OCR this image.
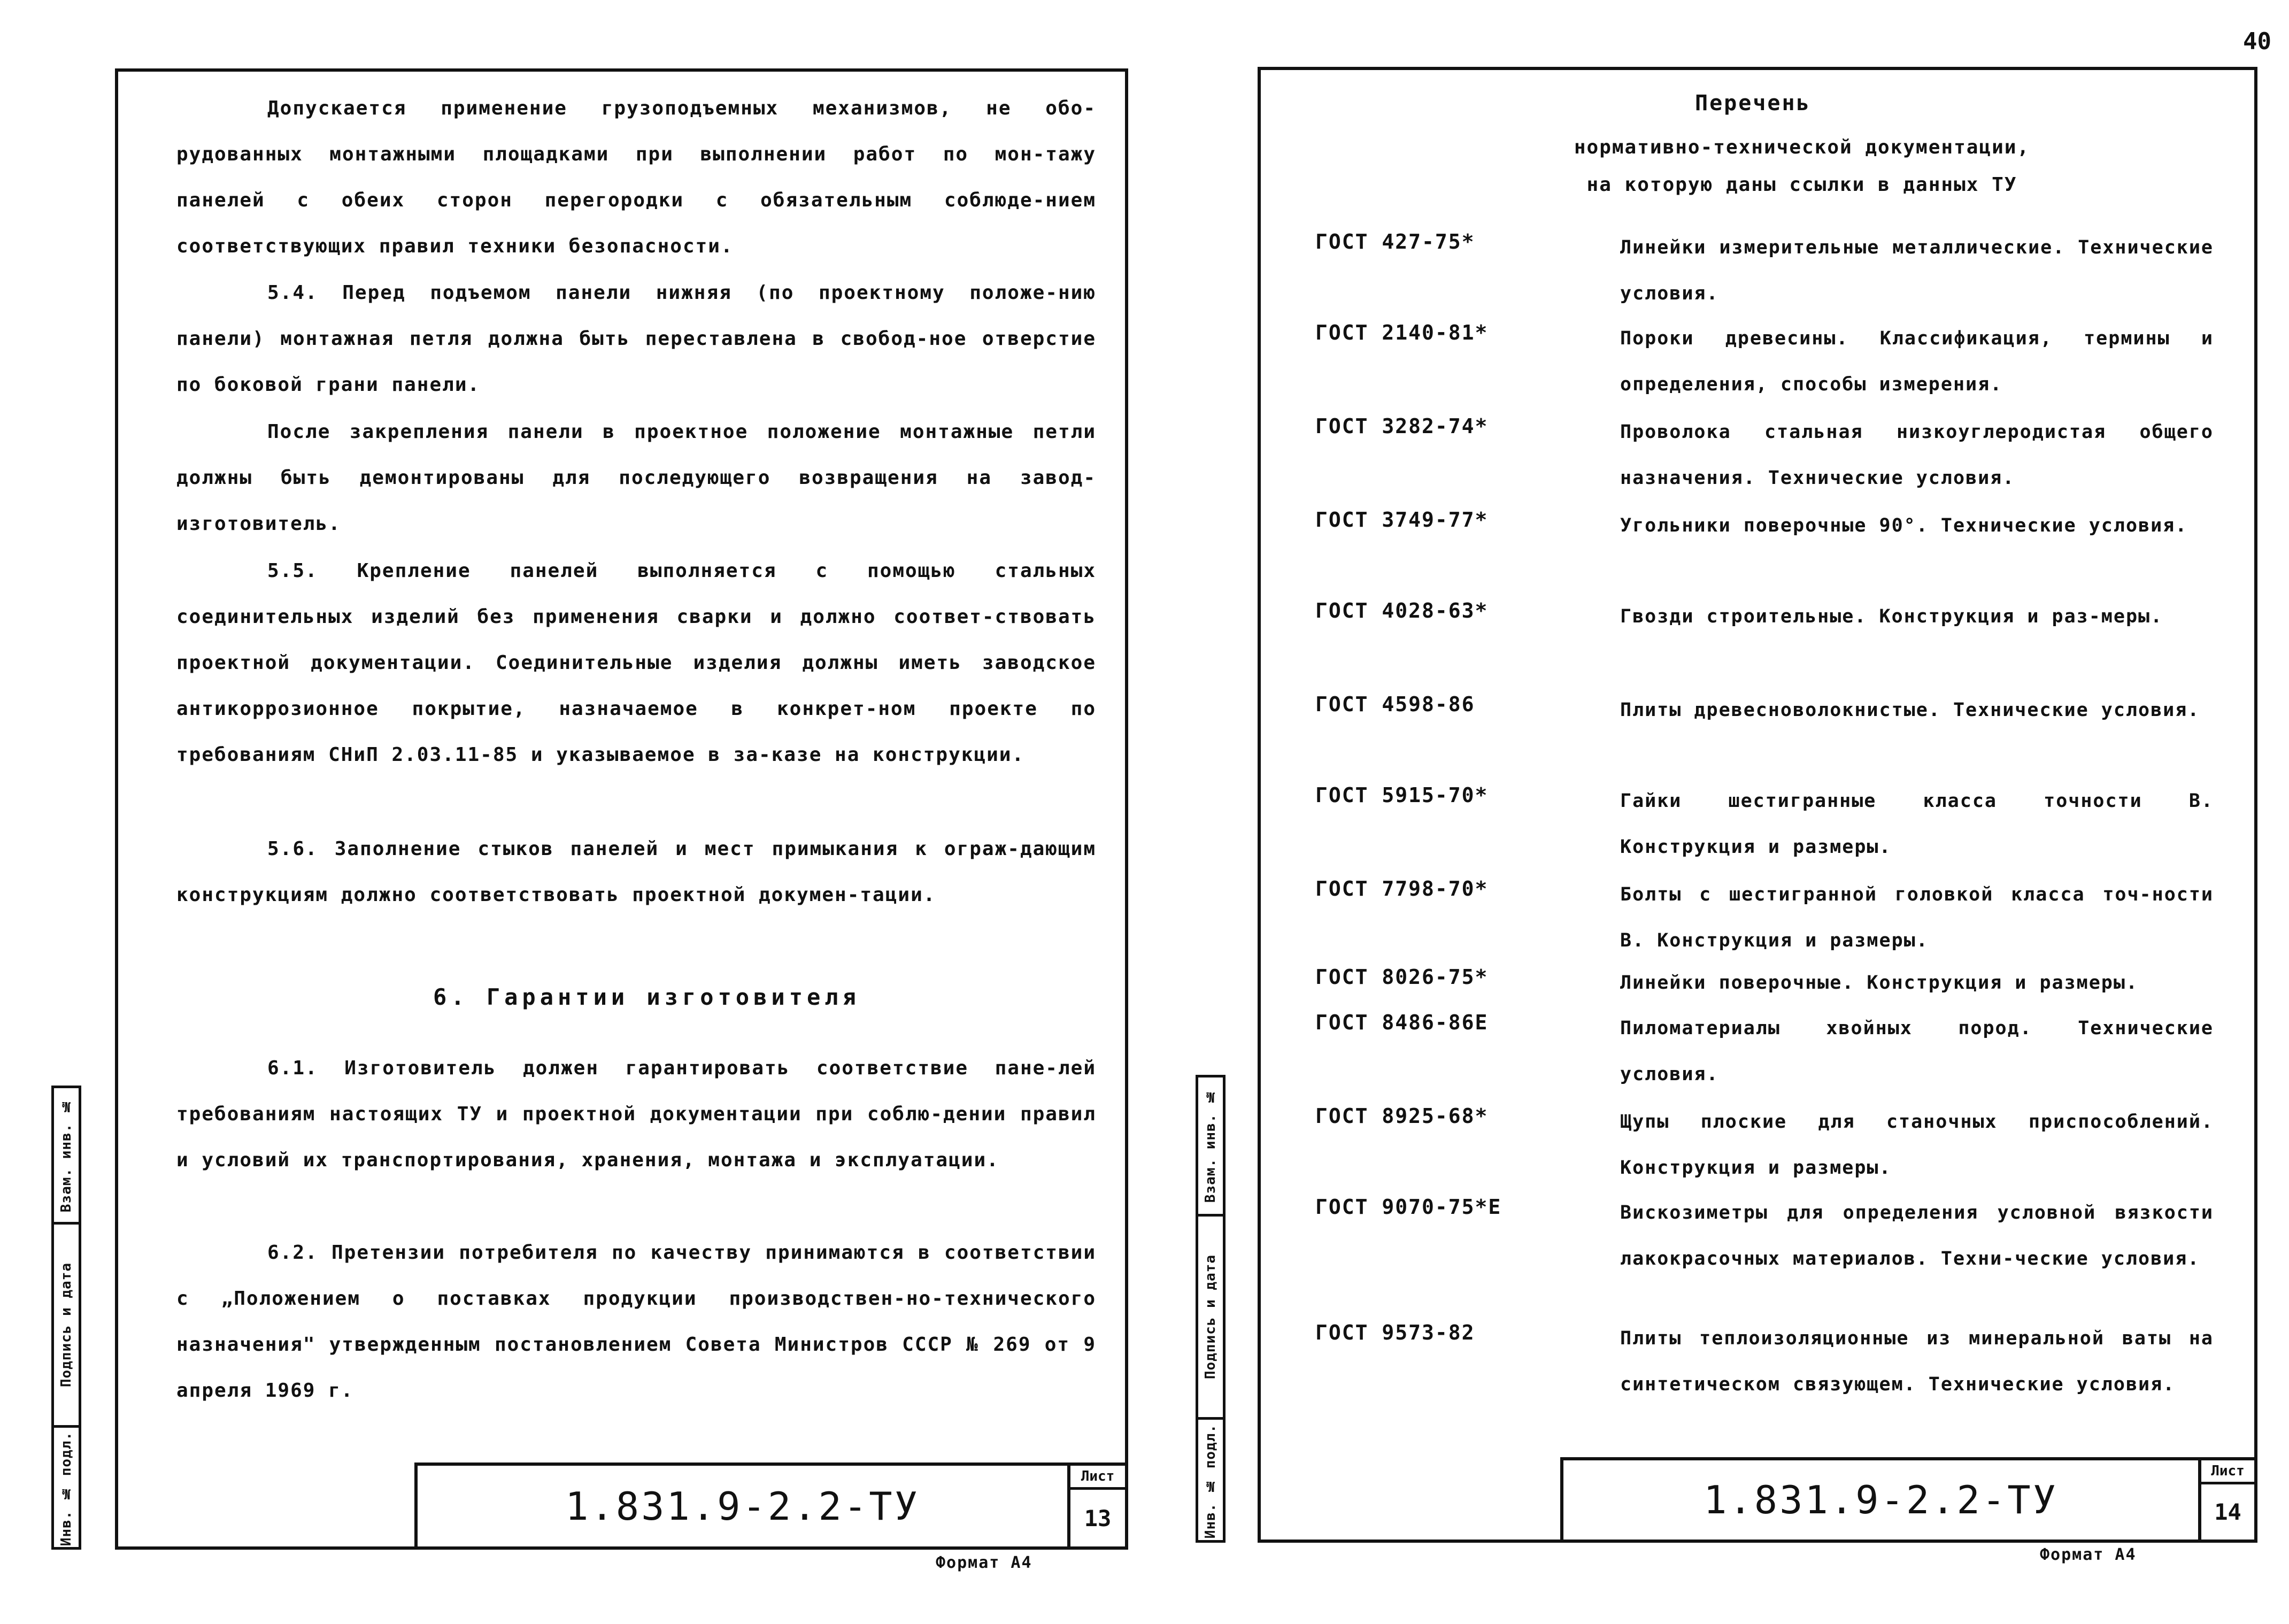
40
Взам. инв. №
Подпись и дата
Инв. № подл.
Допускается применение грузоподъемных механизмов, не обо-рудованных монтажными площадками при выполнении работ по мон-тажу панелей с обеих сторон перегородки с обязательным соблюде-нием соответствующих правил техники безопасности.
5.4. Перед подъемом панели нижняя (по проектному положе-нию панели) монтажная петля должна быть переставлена в свобод-ное отверстие по боковой грани панели.
После закрепления панели в проектное положение монтажные петли должны быть демонтированы для последующего возвращения на завод-изготовитель.
5.5. Крепление панелей выполняется с помощью стальных соединительных изделий без применения сварки и должно соответ-ствовать проектной документации. Соединительные изделия должны иметь заводское антикоррозионное покрытие, назначаемое в конкрет-ном проекте по требованиям СНиП 2.03.11-85 и указываемое в за-казе на конструкции.
5.6. Заполнение стыков панелей и мест примыкания к ограж-дающим конструкциям должно соответствовать проектной докумен-тации.
6. Гарантии изготовителя
6.1. Изготовитель должен гарантировать соответствие пане-лей требованиям настоящих ТУ и проектной документации при соблю-дении правил и условий их транспортирования, хранения, монтажа и эксплуатации.
6.2. Претензии потребителя по качеству принимаются в соответствии с „Положением о поставках продукции производствен-но-технического назначения" утвержденным постановлением Совета Министров СССР № 269 от 9 апреля 1969 г.
1.831.9-2.2-ТУ
Лист
13
Формат А4
Взам. инв. №
Подпись и дата
Инв. № подл.
Перечень
нормативно-технической документации,
на которую даны ссылки в данных ТУ
ГОСТ 427-75*	Линейки измерительные металлические. Технические условия.
ГОСТ 2140-81*	Пороки древесины. Классификация, термины и определения, способы измерения.
ГОСТ 3282-74*	Проволока стальная низкоуглеродистая общего назначения. Технические условия.
ГОСТ 3749-77*	Угольники поверочные 90°. Технические условия.
ГОСТ 4028-63*	Гвозди строительные. Конструкция и раз-меры.
ГОСТ 4598-86	Плиты древесноволокнистые. Технические условия.
ГОСТ 5915-70*	Гайки шестигранные класса точности В. Конструкция и размеры.
ГОСТ 7798-70*	Болты с шестигранной головкой класса точ-ности В. Конструкция и размеры.
ГОСТ 8026-75*	Линейки поверочные. Конструкция и размеры.
ГОСТ 8486-86Е	Пиломатериалы хвойных пород. Технические условия.
ГОСТ 8925-68*	Щупы плоские для станочных приспособлений. Конструкция и размеры.
ГОСТ 9070-75*Е	Вискозиметры для определения условной вязкости лакокрасочных материалов. Техни-ческие условия.
ГОСТ 9573-82	Плиты теплоизоляционные из минеральной ваты на синтетическом связующем. Технические условия.
1.831.9-2.2-ТУ
Лист
14
Формат А4
